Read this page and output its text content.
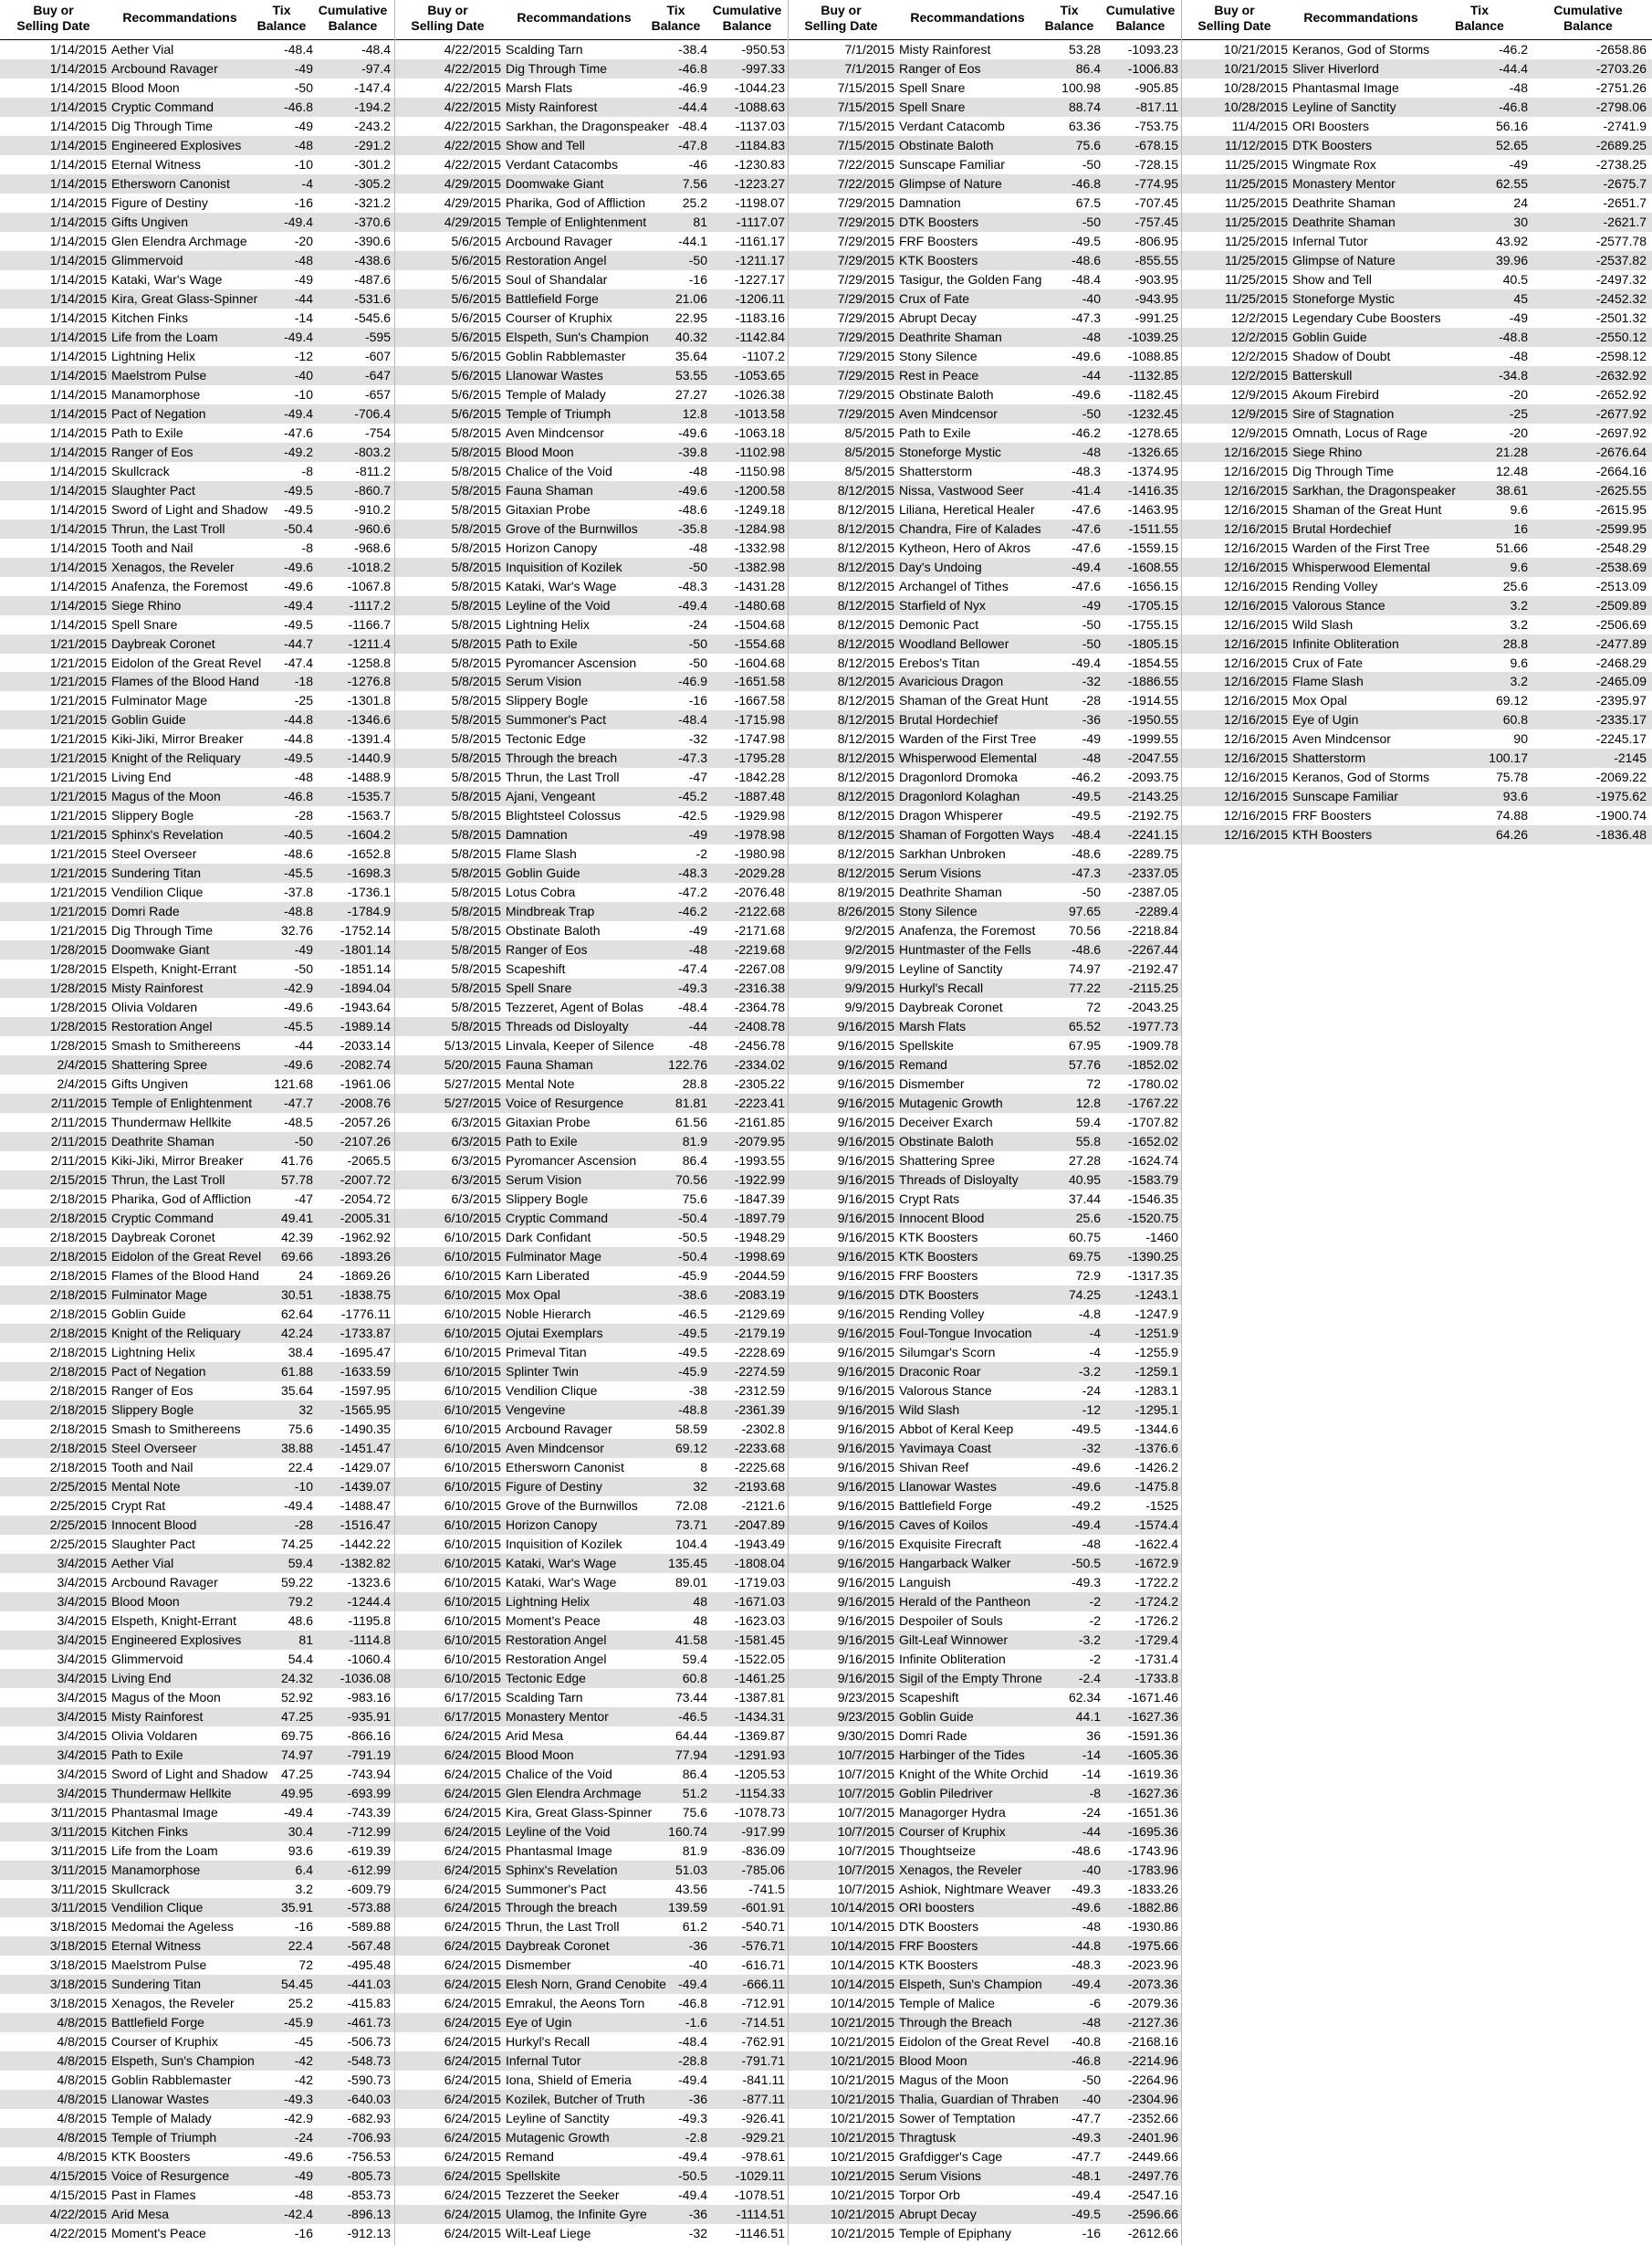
Buy or
Selling Date
Recommandations	Tix
Balance
Cumulative
Balance
1/14/2015 Aether Vial	-48.4	-48.4
1/14/2015 Arcbound Ravager	-49	-97.4
1/14/2015 Blood Moon	-50	-147.4
1/14/2015 Cryptic Command	-46.8	-194.2
1/14/2015 Dig Through Time	-49	-243.2
1/14/2015 Engineered Explosives	-48	-291.2
1/14/2015 Eternal Witness	-10	-301.2
1/14/2015 Ethersworn Canonist	-4	-305.2
1/14/2015 Figure of Destiny	-16	-321.2
1/14/2015 Gifts Ungiven	-49.4	-370.6
1/14/2015 Glen Elendra Archmage	-20	-390.6
1/14/2015 Glimmervoid	-48	-438.6
1/14/2015 Kataki, War's Wage	-49	-487.6
1/14/2015 Kira, Great Glass-Spinner	-44	-531.6
1/14/2015 Kitchen Finks	-14	-545.6
1/14/2015 Life from the Loam	-49.4	-595
1/14/2015 Lightning Helix	-12	-607
1/14/2015 Maelstrom Pulse	-40	-647
1/14/2015 Manamorphose	-10	-657
1/14/2015 Pact of Negation	-49.4	-706.4
1/14/2015 Path to Exile	-47.6	-754
1/14/2015 Ranger of Eos	-49.2	-803.2
1/14/2015 Skullcrack	-8	-811.2
1/14/2015 Slaughter Pact	-49.5	-860.7
1/14/2015 Sword of Light and Shadow	-49.5	-910.2
1/14/2015 Thrun, the Last Troll	-50.4	-960.6
1/14/2015 Tooth and Nail	-8	-968.6
1/14/2015 Xenagos, the Reveler	-49.6	-1018.2
1/14/2015 Anafenza, the Foremost	-49.6	-1067.8
1/14/2015 Siege Rhino	-49.4	-1117.2
1/14/2015 Spell Snare	-49.5	-1166.7
1/21/2015 Daybreak Coronet	-44.7	-1211.4
1/21/2015 Eidolon of the Great Revel	-47.4	-1258.8
1/21/2015 Flames of the Blood Hand	-18	-1276.8
1/21/2015 Fulminator Mage	-25	-1301.8
1/21/2015 Goblin Guide	-44.8	-1346.6
1/21/2015 Kiki-Jiki, Mirror Breaker	-44.8	-1391.4
1/21/2015 Knight of the Reliquary	-49.5	-1440.9
1/21/2015 Living End	-48	-1488.9
1/21/2015 Magus of the Moon	-46.8	-1535.7
1/21/2015 Slippery Bogle	-28	-1563.7
1/21/2015 Sphinx's Revelation	-40.5	-1604.2
1/21/2015 Steel Overseer	-48.6	-1652.8
1/21/2015 Sundering Titan	-45.5	-1698.3
1/21/2015 Vendilion Clique	-37.8	-1736.1
1/21/2015 Domri Rade	-48.8	-1784.9
1/21/2015 Dig Through Time	32.76	-1752.14
1/28/2015 Doomwake Giant	-49	-1801.14
1/28/2015 Elspeth, Knight-Errant	-50	-1851.14
1/28/2015 Misty Rainforest	-42.9	-1894.04
1/28/2015 Olivia Voldaren	-49.6	-1943.64
1/28/2015 Restoration Angel	-45.5	-1989.14
1/28/2015 Smash to Smithereens	-44	-2033.14
2/4/2015 Shattering Spree	-49.6	-2082.74
2/4/2015 Gifts Ungiven	121.68	-1961.06
2/11/2015 Temple of Enlightenment	-47.7	-2008.76
2/11/2015 Thundermaw Hellkite	-48.5	-2057.26
2/11/2015 Deathrite Shaman	-50	-2107.26
2/11/2015 Kiki-Jiki, Mirror Breaker	41.76	-2065.5
2/15/2015 Thrun, the Last Troll	57.78	-2007.72
2/18/2015 Pharika, God of Affliction	-47	-2054.72
2/18/2015 Cryptic Command	49.41	-2005.31
2/18/2015 Daybreak Coronet	42.39	-1962.92
2/18/2015 Eidolon of the Great Revel	69.66	-1893.26
2/18/2015 Flames of the Blood Hand	24	-1869.26
2/18/2015 Fulminator Mage	30.51	-1838.75
2/18/2015 Goblin Guide	62.64	-1776.11
2/18/2015 Knight of the Reliquary	42.24	-1733.87
2/18/2015 Lightning Helix	38.4	-1695.47
2/18/2015 Pact of Negation	61.88	-1633.59
2/18/2015 Ranger of Eos	35.64	-1597.95
2/18/2015 Slippery Bogle	32	-1565.95
2/18/2015 Smash to Smithereens	75.6	-1490.35
2/18/2015 Steel Overseer	38.88	-1451.47
2/18/2015 Tooth and Nail	22.4	-1429.07
2/25/2015 Mental Note	-10	-1439.07
2/25/2015 Crypt Rat	-49.4	-1488.47
2/25/2015 Innocent Blood	-28	-1516.47
2/25/2015 Slaughter Pact	74.25	-1442.22
3/4/2015 Aether Vial	59.4	-1382.82
3/4/2015 Arcbound Ravager	59.22	-1323.6
3/4/2015 Blood Moon	79.2	-1244.4
3/4/2015 Elspeth, Knight-Errant	48.6	-1195.8
3/4/2015 Engineered Explosives	81	-1114.8
3/4/2015 Glimmervoid	54.4	-1060.4
3/4/2015 Living End	24.32	-1036.08
3/4/2015 Magus of the Moon	52.92	-983.16
3/4/2015 Misty Rainforest	47.25	-935.91
3/4/2015 Olivia Voldaren	69.75	-866.16
3/4/2015 Path to Exile	74.97	-791.19
3/4/2015 Sword of Light and Shadow	47.25	-743.94
3/4/2015 Thundermaw Hellkite	49.95	-693.99
3/11/2015 Phantasmal Image	-49.4	-743.39
3/11/2015 Kitchen Finks	30.4	-712.99
3/11/2015 Life from the Loam	93.6	-619.39
3/11/2015 Manamorphose	6.4	-612.99
3/11/2015 Skullcrack	3.2	-609.79
3/11/2015 Vendilion Clique	35.91	-573.88
3/18/2015 Medomai the Ageless	-16	-589.88
3/18/2015 Eternal Witness	22.4	-567.48
3/18/2015 Maelstrom Pulse	72	-495.48
3/18/2015 Sundering Titan	54.45	-441.03
3/18/2015 Xenagos, the Reveler	25.2	-415.83
4/8/2015 Battlefield Forge	-45.9	-461.73
4/8/2015 Courser of Kruphix	-45	-506.73
4/8/2015 Elspeth, Sun's Champion	-42	-548.73
4/8/2015 Goblin Rabblemaster	-42	-590.73
4/8/2015 Llanowar Wastes	-49.3	-640.03
4/8/2015 Temple of Malady	-42.9	-682.93
4/8/2015 Temple of Triumph	-24	-706.93
4/8/2015 KTK Boosters	-49.6	-756.53
4/15/2015 Voice of Resurgence	-49	-805.73
4/15/2015 Past in Flames	-48	-853.73
4/22/2015 Arid Mesa	-42.4	-896.13
4/22/2015 Moment's Peace	-16	-912.13
Buy or
Selling Date
Recommandations	Tix
Balance
Cumulative
Balance
4/22/2015 Scalding Tarn	-38.4	-950.53
4/22/2015 Dig Through Time	-46.8	-997.33
4/22/2015 Marsh Flats	-46.9	-1044.23
4/22/2015 Misty Rainforest	-44.4	-1088.63
4/22/2015 Sarkhan, the Dragonspeaker -48.4	-1137.03
4/22/2015 Show and Tell	-47.8	-1184.83
4/22/2015 Verdant Catacombs	-46	-1230.83
4/29/2015 Doomwake Giant	7.56	-1223.27
4/29/2015 Pharika, God of Affliction	25.2	-1198.07
4/29/2015 Temple of Enlightenment	81	-1117.07
5/6/2015 Arcbound Ravager	-44.1	-1161.17
5/6/2015 Restoration Angel	-50	-1211.17
5/6/2015 Soul of Shandalar	-16	-1227.17
5/6/2015 Battlefield Forge	21.06	-1206.11
5/6/2015 Courser of Kruphix	22.95	-1183.16
5/6/2015 Elspeth, Sun's Champion	40.32	-1142.84
5/6/2015 Goblin Rabblemaster	35.64	-1107.2
5/6/2015 Llanowar Wastes	53.55	-1053.65
5/6/2015 Temple of Malady	27.27	-1026.38
5/6/2015 Temple of Triumph	12.8	-1013.58
5/8/2015 Aven Mindcensor	-49.6	-1063.18
5/8/2015 Blood Moon	-39.8	-1102.98
5/8/2015 Chalice of the Void	-48	-1150.98
5/8/2015 Fauna Shaman	-49.6	-1200.58
5/8/2015 Gitaxian Probe	-48.6	-1249.18
5/8/2015 Grove of the Burnwillos	-35.8	-1284.98
5/8/2015 Horizon Canopy	-48	-1332.98
5/8/2015 Inquisition of Kozilek	-50	-1382.98
5/8/2015 Kataki, War's Wage	-48.3	-1431.28
5/8/2015 Leyline of the Void	-49.4	-1480.68
5/8/2015 Lightning Helix	-24	-1504.68
5/8/2015 Path to Exile	-50	-1554.68
5/8/2015 Pyromancer Ascension	-50	-1604.68
5/8/2015 Serum Vision	-46.9	-1651.58
5/8/2015 Slippery Bogle	-16	-1667.58
5/8/2015 Summoner's Pact	-48.4	-1715.98
5/8/2015 Tectonic Edge	-32	-1747.98
5/8/2015 Through the breach	-47.3	-1795.28
5/8/2015 Thrun, the Last Troll	-47	-1842.28
5/8/2015 Ajani, Vengeant	-45.2	-1887.48
5/8/2015 Blightsteel Colossus	-42.5	-1929.98
5/8/2015 Damnation	-49	-1978.98
5/8/2015 Flame Slash	-2	-1980.98
5/8/2015 Goblin Guide	-48.3	-2029.28
5/8/2015 Lotus Cobra	-47.2	-2076.48
5/8/2015 Mindbreak Trap	-46.2	-2122.68
5/8/2015 Obstinate Baloth	-49	-2171.68
5/8/2015 Ranger of Eos	-48	-2219.68
5/8/2015 Scapeshift	-47.4	-2267.08
5/8/2015 Spell Snare	-49.3	-2316.38
5/8/2015 Tezzeret, Agent of Bolas	-48.4	-2364.78
5/8/2015 Threads od Disloyalty	-44	-2408.78
5/13/2015 Linvala, Keeper of Silence	-48	-2456.78
5/20/2015 Fauna Shaman	122.76	-2334.02
5/27/2015 Mental Note	28.8	-2305.22
5/27/2015 Voice of Resurgence	81.81	-2223.41
6/3/2015 Gitaxian Probe	61.56	-2161.85
6/3/2015 Path to Exile	81.9	-2079.95
6/3/2015 Pyromancer Ascension	86.4	-1993.55
6/3/2015 Serum Vision	70.56	-1922.99
6/3/2015 Slippery Bogle	75.6	-1847.39
6/10/2015 Cryptic Command	-50.4	-1897.79
6/10/2015 Dark Confidant	-50.5	-1948.29
6/10/2015 Fulminator Mage	-50.4	-1998.69
6/10/2015 Karn Liberated	-45.9	-2044.59
6/10/2015 Mox Opal	-38.6	-2083.19
6/10/2015 Noble Hierarch	-46.5	-2129.69
6/10/2015 Ojutai Exemplars	-49.5	-2179.19
6/10/2015 Primeval Titan	-49.5	-2228.69
6/10/2015 Splinter Twin	-45.9	-2274.59
6/10/2015 Vendilion Clique	-38	-2312.59
6/10/2015 Vengevine	-48.8	-2361.39
6/10/2015 Arcbound Ravager	58.59	-2302.8
6/10/2015 Aven Mindcensor	69.12	-2233.68
6/10/2015 Ethersworn Canonist	8	-2225.68
6/10/2015 Figure of Destiny	32	-2193.68
6/10/2015 Grove of the Burnwillos	72.08	-2121.6
6/10/2015 Horizon Canopy	73.71	-2047.89
6/10/2015 Inquisition of Kozilek	104.4	-1943.49
6/10/2015 Kataki, War's Wage	135.45	-1808.04
6/10/2015 Kataki, War's Wage	89.01	-1719.03
6/10/2015 Lightning Helix	48	-1671.03
6/10/2015 Moment's Peace	48	-1623.03
6/10/2015 Restoration Angel	41.58	-1581.45
6/10/2015 Restoration Angel	59.4	-1522.05
6/10/2015 Tectonic Edge	60.8	-1461.25
6/17/2015 Scalding Tarn	73.44	-1387.81
6/17/2015 Monastery Mentor	-46.5	-1434.31
6/24/2015 Arid Mesa	64.44	-1369.87
6/24/2015 Blood Moon	77.94	-1291.93
6/24/2015 Chalice of the Void	86.4	-1205.53
6/24/2015 Glen Elendra Archmage	51.2	-1154.33
6/24/2015 Kira, Great Glass-Spinner	75.6	-1078.73
6/24/2015 Leyline of the Void	160.74	-917.99
6/24/2015 Phantasmal Image	81.9	-836.09
6/24/2015 Sphinx's Revelation	51.03	-785.06
6/24/2015 Summoner's Pact	43.56	-741.5
6/24/2015 Through the breach	139.59	-601.91
6/24/2015 Thrun, the Last Troll	61.2	-540.71
6/24/2015 Daybreak Coronet	-36	-576.71
6/24/2015 Dismember	-40	-616.71
6/24/2015 Elesh Norn, Grand Cenobite -49.4	-666.11
6/24/2015 Emrakul, the Aeons Torn	-46.8	-712.91
6/24/2015 Eye of Ugin	-1.6	-714.51
6/24/2015 Hurkyl's Recall	-48.4	-762.91
6/24/2015 Infernal Tutor	-28.8	-791.71
6/24/2015 Iona, Shield of Emeria	-49.4	-841.11
6/24/2015 Kozilek, Butcher of Truth	-36	-877.11
6/24/2015 Leyline of Sanctity	-49.3	-926.41
6/24/2015 Mutagenic Growth	-2.8	-929.21
6/24/2015 Remand	-49.4	-978.61
6/24/2015 Spellskite	-50.5	-1029.11
6/24/2015 Tezzeret the Seeker	-49.4	-1078.51
6/24/2015 Ulamog, the Infinite Gyre	-36	-1114.51
6/24/2015 Wilt-Leaf Liege	-32	-1146.51
Buy or
Selling Date
Recommandations	Tix
Balance
Cumulative
Balance
7/1/2015 Misty Rainforest	53.28	-1093.23
7/1/2015 Ranger of Eos	86.4	-1006.83
7/15/2015 Spell Snare	100.98	-905.85
7/15/2015 Spell Snare	88.74	-817.11
7/15/2015 Verdant Catacomb	63.36	-753.75
7/15/2015 Obstinate Baloth	75.6	-678.15
7/22/2015 Sunscape Familiar	-50	-728.15
7/22/2015 Glimpse of Nature	-46.8	-774.95
7/29/2015 Damnation	67.5	-707.45
7/29/2015 DTK Boosters	-50	-757.45
7/29/2015 FRF Boosters	-49.5	-806.95
7/29/2015 KTK Boosters	-48.6	-855.55
7/29/2015 Tasigur, the Golden Fang	-48.4	-903.95
7/29/2015 Crux of Fate	-40	-943.95
7/29/2015 Abrupt Decay	-47.3	-991.25
7/29/2015 Deathrite Shaman	-48	-1039.25
7/29/2015 Stony Silence	-49.6	-1088.85
7/29/2015 Rest in Peace	-44	-1132.85
7/29/2015 Obstinate Baloth	-49.6	-1182.45
7/29/2015 Aven Mindcensor	-50	-1232.45
8/5/2015 Path to Exile	-46.2	-1278.65
8/5/2015 Stoneforge Mystic	-48	-1326.65
8/5/2015 Shatterstorm	-48.3	-1374.95
8/12/2015 Nissa, Vastwood Seer	-41.4	-1416.35
8/12/2015 Liliana, Heretical Healer	-47.6	-1463.95
8/12/2015 Chandra, Fire of Kalades	-47.6	-1511.55
8/12/2015 Kytheon, Hero of Akros	-47.6	-1559.15
8/12/2015 Day's Undoing	-49.4	-1608.55
8/12/2015 Archangel of Tithes	-47.6	-1656.15
8/12/2015 Starfield of Nyx	-49	-1705.15
8/12/2015 Demonic Pact	-50	-1755.15
8/12/2015 Woodland Bellower	-50	-1805.15
8/12/2015 Erebos's Titan	-49.4	-1854.55
8/12/2015 Avaricious Dragon	-32	-1886.55
8/12/2015 Shaman of the Great Hunt	-28	-1914.55
8/12/2015 Brutal Hordechief	-36	-1950.55
8/12/2015 Warden of the First Tree	-49	-1999.55
8/12/2015 Whisperwood Elemental	-48	-2047.55
8/12/2015 Dragonlord Dromoka	-46.2	-2093.75
8/12/2015 Dragonlord Kolaghan	-49.5	-2143.25
8/12/2015 Dragon Whisperer	-49.5	-2192.75
8/12/2015 Shaman of Forgotten Ways	-48.4	-2241.15
8/12/2015 Sarkhan Unbroken	-48.6	-2289.75
8/12/2015 Serum Visions	-47.3	-2337.05
8/19/2015 Deathrite Shaman	-50	-2387.05
8/26/2015 Stony Silence	97.65	-2289.4
9/2/2015 Anafenza, the Foremost	70.56	-2218.84
9/2/2015 Huntmaster of the Fells	-48.6	-2267.44
9/9/2015 Leyline of Sanctity	74.97	-2192.47
9/9/2015 Hurkyl's Recall	77.22	-2115.25
9/9/2015 Daybreak Coronet	72	-2043.25
9/16/2015 Marsh Flats	65.52	-1977.73
9/16/2015 Spellskite	67.95	-1909.78
9/16/2015 Remand	57.76	-1852.02
9/16/2015 Dismember	72	-1780.02
9/16/2015 Mutagenic Growth	12.8	-1767.22
9/16/2015 Deceiver Exarch	59.4	-1707.82
9/16/2015 Obstinate Baloth	55.8	-1652.02
9/16/2015 Shattering Spree	27.28	-1624.74
9/16/2015 Threads of Disloyalty	40.95	-1583.79
9/16/2015 Crypt Rats	37.44	-1546.35
9/16/2015 Innocent Blood	25.6	-1520.75
9/16/2015 KTK Boosters	60.75	-1460
9/16/2015 KTK Boosters	69.75	-1390.25
9/16/2015 FRF Boosters	72.9	-1317.35
9/16/2015 DTK Boosters	74.25	-1243.1
9/16/2015 Rending Volley	-4.8	-1247.9
9/16/2015 Foul-Tongue Invocation	-4	-1251.9
9/16/2015 Silumgar's Scorn	-4	-1255.9
9/16/2015 Draconic Roar	-3.2	-1259.1
9/16/2015 Valorous Stance	-24	-1283.1
9/16/2015 Wild Slash	-12	-1295.1
9/16/2015 Abbot of Keral Keep	-49.5	-1344.6
9/16/2015 Yavimaya Coast	-32	-1376.6
9/16/2015 Shivan Reef	-49.6	-1426.2
9/16/2015 Llanowar Wastes	-49.6	-1475.8
9/16/2015 Battlefield Forge	-49.2	-1525
9/16/2015 Caves of Koilos	-49.4	-1574.4
9/16/2015 Exquisite Firecraft	-48	-1622.4
9/16/2015 Hangarback Walker	-50.5	-1672.9
9/16/2015 Languish	-49.3	-1722.2
9/16/2015 Herald of the Pantheon	-2	-1724.2
9/16/2015 Despoiler of Souls	-2	-1726.2
9/16/2015 Gilt-Leaf Winnower	-3.2	-1729.4
9/16/2015 Infinite Obliteration	-2	-1731.4
9/16/2015 Sigil of the Empty Throne	-2.4	-1733.8
9/23/2015 Scapeshift	62.34	-1671.46
9/23/2015 Goblin Guide	44.1	-1627.36
9/30/2015 Domri Rade	36	-1591.36
10/7/2015 Harbinger of the Tides	-14	-1605.36
10/7/2015 Knight of the White Orchid	-14	-1619.36
10/7/2015 Goblin Piledriver	-8	-1627.36
10/7/2015 Managorger Hydra	-24	-1651.36
10/7/2015 Courser of Kruphix	-44	-1695.36
10/7/2015 Thoughtseize	-48.6	-1743.96
10/7/2015 Xenagos, the Reveler	-40	-1783.96
10/7/2015 Ashiok, Nightmare Weaver	-49.3	-1833.26
10/14/2015 ORI boosters	-49.6	-1882.86
10/14/2015 DTK Boosters	-48	-1930.86
10/14/2015 FRF Boosters	-44.8	-1975.66
10/14/2015 KTK Boosters	-48.3	-2023.96
10/14/2015 Elspeth, Sun's Champion	-49.4	-2073.36
10/14/2015 Temple of Malice	-6	-2079.36
10/21/2015 Through the Breach	-48	-2127.36
10/21/2015 Eidolon of the Great Revel	-40.8	-2168.16
10/21/2015 Blood Moon	-46.8	-2214.96
10/21/2015 Magus of the Moon	-50	-2264.96
10/21/2015 Thalia, Guardian of Thraben	-40	-2304.96
10/21/2015 Sower of Temptation	-47.7	-2352.66
10/21/2015 Thragtusk	-49.3	-2401.96
10/21/2015 Grafdigger's Cage	-47.7	-2449.66
10/21/2015 Serum Visions	-48.1	-2497.76
10/21/2015 Torpor Orb	-49.4	-2547.16
10/21/2015 Abrupt Decay	-49.5	-2596.66
10/21/2015 Temple of Epiphany	-16	-2612.66
Buy or
Selling Date
Recommandations	Tix
Balance
Cumulative
Balance
10/21/2015 Keranos, God of Storms	-46.2	-2658.86
10/21/2015 Sliver Hiverlord	-44.4	-2703.26
10/28/2015 Phantasmal Image	-48	-2751.26
10/28/2015 Leyline of Sanctity	-46.8	-2798.06
11/4/2015 ORI Boosters	56.16	-2741.9
11/12/2015 DTK Boosters	52.65	-2689.25
11/25/2015 Wingmate Rox	-49	-2738.25
11/25/2015 Monastery Mentor	62.55	-2675.7
11/25/2015 Deathrite Shaman	24	-2651.7
11/25/2015 Deathrite Shaman	30	-2621.7
11/25/2015 Infernal Tutor	43.92	-2577.78
11/25/2015 Glimpse of Nature	39.96	-2537.82
11/25/2015 Show and Tell	40.5	-2497.32
11/25/2015 Stoneforge Mystic	45	-2452.32
12/2/2015 Legendary Cube Boosters	-49	-2501.32
12/2/2015 Goblin Guide	-48.8	-2550.12
12/2/2015 Shadow of Doubt	-48	-2598.12
12/2/2015 Batterskull	-34.8	-2632.92
12/9/2015 Akoum Firebird	-20	-2652.92
12/9/2015 Sire of Stagnation	-25	-2677.92
12/9/2015 Omnath, Locus of Rage	-20	-2697.92
12/16/2015 Siege Rhino	21.28	-2676.64
12/16/2015 Dig Through Time	12.48	-2664.16
12/16/2015 Sarkhan, the Dragonspeaker	38.61	-2625.55
12/16/2015 Shaman of the Great Hunt	9.6	-2615.95
12/16/2015 Brutal Hordechief	16	-2599.95
12/16/2015 Warden of the First Tree	51.66	-2548.29
12/16/2015 Whisperwood Elemental	9.6	-2538.69
12/16/2015 Rending Volley	25.6	-2513.09
12/16/2015 Valorous Stance	3.2	-2509.89
12/16/2015 Wild Slash	3.2	-2506.69
12/16/2015 Infinite Obliteration	28.8	-2477.89
12/16/2015 Crux of Fate	9.6	-2468.29
12/16/2015 Flame Slash	3.2	-2465.09
12/16/2015 Mox Opal	69.12	-2395.97
12/16/2015 Eye of Ugin	60.8	-2335.17
12/16/2015 Aven Mindcensor	90	-2245.17
12/16/2015 Shatterstorm	100.17	-2145
12/16/2015 Keranos, God of Storms	75.78	-2069.22
12/16/2015 Sunscape Familiar	93.6	-1975.62
12/16/2015 FRF Boosters	74.88	-1900.74
12/16/2015 KTH Boosters	64.26	-1836.48
